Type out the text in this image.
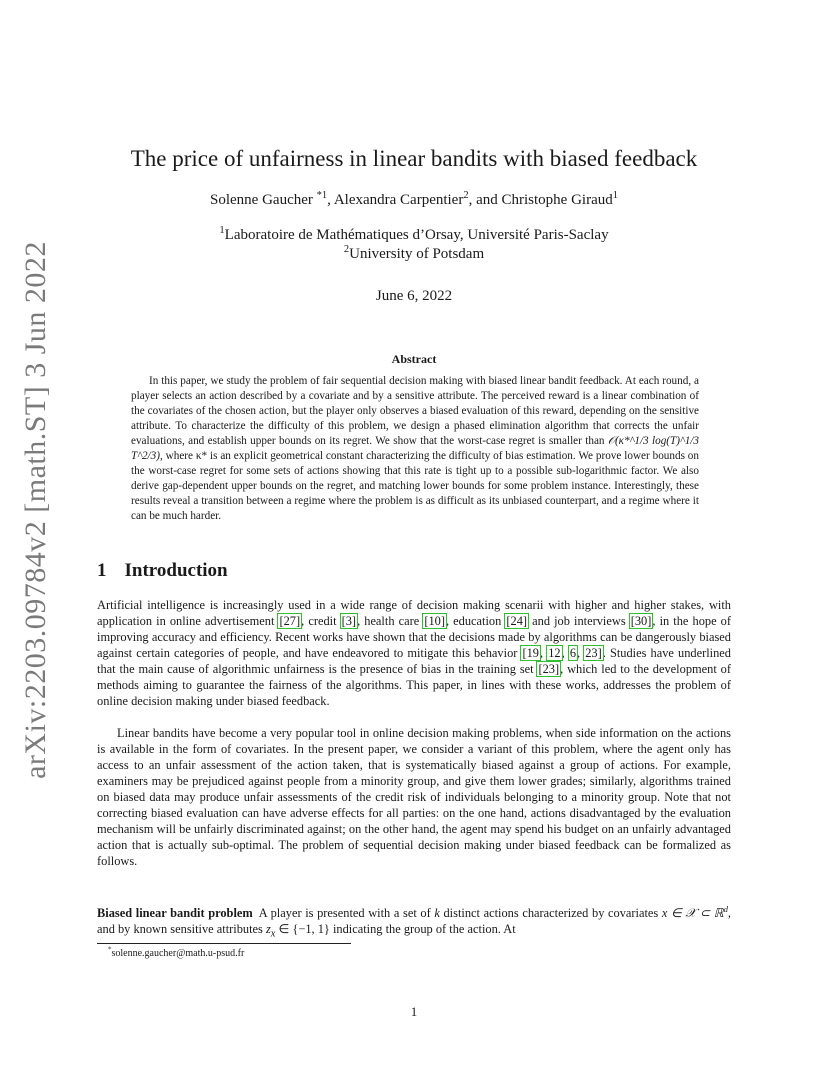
arXiv:2203.09784v2 [math.ST] 3 Jun 2022
The price of unfairness in linear bandits with biased feedback
Solenne Gaucher $^{*1}$, Alexandra Carpentier$^2$, and Christophe Giraud$^1$
$^1$Laboratoire de Mathématiques d’Orsay, Université Paris-Saclay
$^2$University of Potsdam
June 6, 2022
Abstract
In this paper, we study the problem of fair sequential decision making with biased linear bandit feedback. At each round, a player selects an action described by a covariate and by a sensitive attribute. The perceived reward is a linear combination of the covariates of the chosen action, but the player only observes a biased evaluation of this reward, depending on the sensitive attribute. To characterize the difficulty of this problem, we design a phased elimination algorithm that corrects the unfair evaluations, and establish upper bounds on its regret. We show that the worst-case regret is smaller than 𝒪(κ*^1/3 log(T)^1/3 T^2/3), where κ* is an explicit geometrical constant characterizing the difficulty of bias estimation. We prove lower bounds on the worst-case regret for some sets of actions showing that this rate is tight up to a possible sub-logarithmic factor. We also derive gap-dependent upper bounds on the regret, and matching lower bounds for some problem instance. Interestingly, these results reveal a transition between a regime where the problem is as difficult as its unbiased counterpart, and a regime where it can be much harder.
1 Introduction
Artificial intelligence is increasingly used in a wide range of decision making scenarii with higher and higher stakes, with application in online advertisement [27], credit [3], health care [10], education [24] and job interviews [30], in the hope of improving accuracy and efficiency. Recent works have shown that the decisions made by algorithms can be dangerously biased against certain categories of people, and have endeavored to mitigate this behavior [19, 12, 6, 23]. Studies have underlined that the main cause of algorithmic unfairness is the presence of bias in the training set [23], which led to the development of methods aiming to guarantee the fairness of the algorithms. This paper, in lines with these works, addresses the problem of online decision making under biased feedback.
Linear bandits have become a very popular tool in online decision making problems, when side information on the actions is available in the form of covariates. In the present paper, we consider a variant of this problem, where the agent only has access to an unfair assessment of the action taken, that is systematically biased against a group of actions. For example, examiners may be prejudiced against people from a minority group, and give them lower grades; similarly, algorithms trained on biased data may produce unfair assessments of the credit risk of individuals belonging to a minority group. Note that not correcting biased evaluation can have adverse effects for all parties: on the one hand, actions disadvantaged by the evaluation mechanism will be unfairly discriminated against; on the other hand, the agent may spend his budget on an unfairly advantaged action that is actually sub-optimal. The problem of sequential decision making under biased feedback can be formalized as follows.
Biased linear bandit problem A player is presented with a set of k distinct actions characterized by covariates x ∈ 𝒳 ⊂ ℝ$^d$, and by known sensitive attributes $z_x$ ∈ {−1, 1} indicating the group of the action. At
*solenne.gaucher@math.u-psud.fr
1
